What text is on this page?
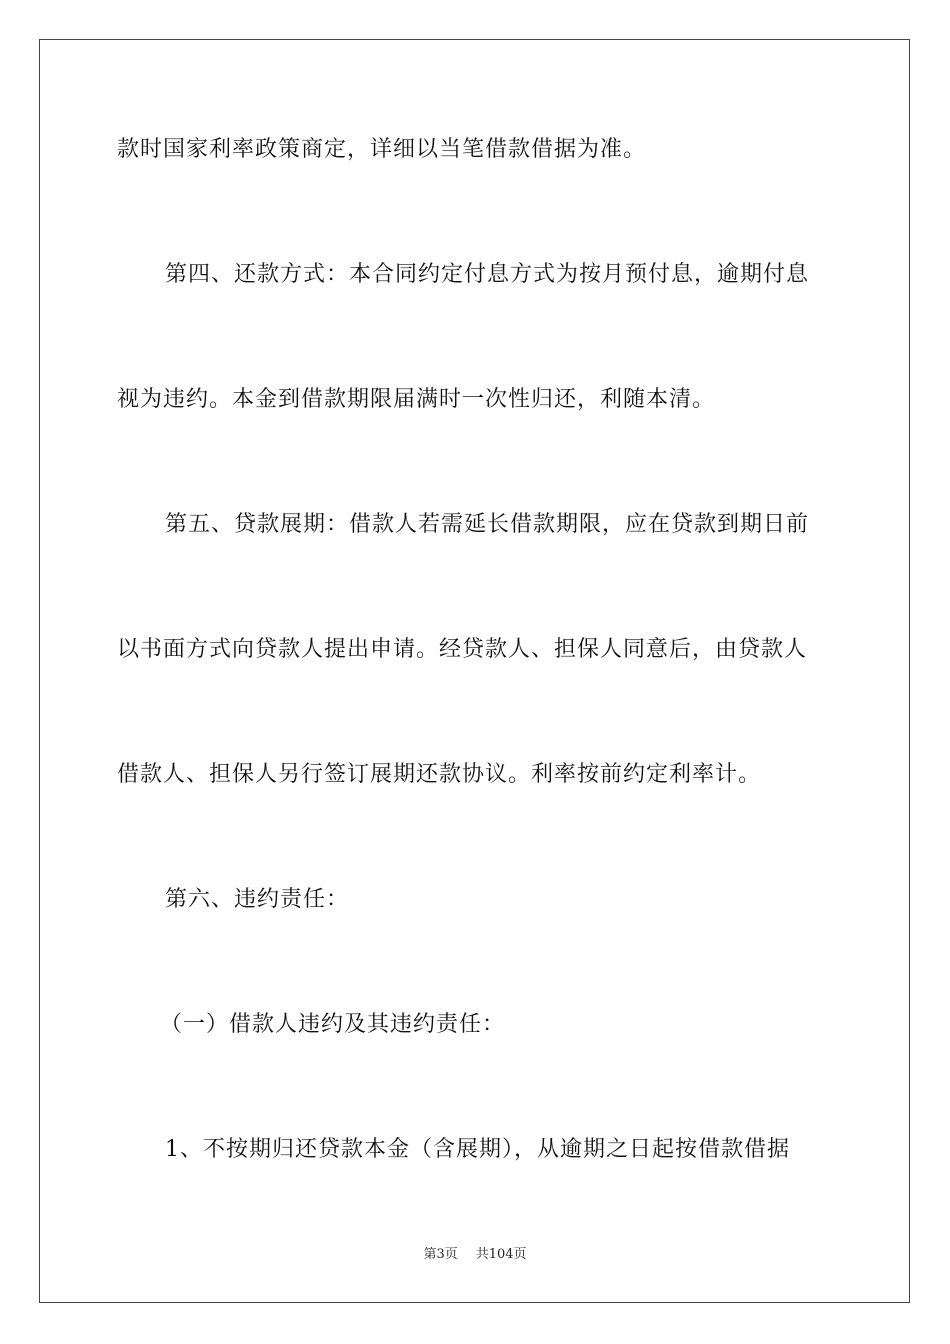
款时国家利率政策商定，详细以当笔借款借据为准。
第四、还款方式：本合同约定付息方式为按月预付息，逾期付息
视为违约。本金到借款期限届满时一次性归还，利随本清。
第五、贷款展期：借款人若需延长借款期限，应在贷款到期日前
以书面方式向贷款人提出申请。经贷款人、担保人同意后，由贷款人
借款人、担保人另行签订展期还款协议。利率按前约定利率计。
第六、违约责任：
（一）借款人违约及其违约责任：
1、不按期归还贷款本金（含展期），从逾期之日起按借款借据
第3页 共104页
